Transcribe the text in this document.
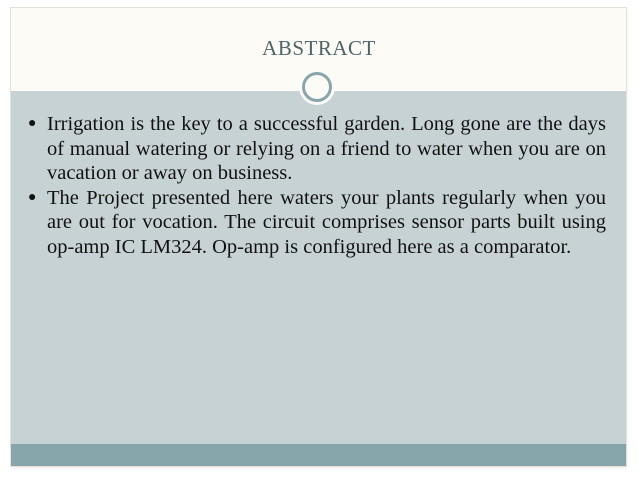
ABSTRACT
● Irrigation is the key to a successful garden. Long gone are the days of manual watering or relying on a friend to water when you are on vacation or away on business.
● The Project presented here waters your plants regularly when you are out for vocation. The circuit comprises sensor parts built using op-amp IC LM324. Op-amp is configured here as a comparator.
